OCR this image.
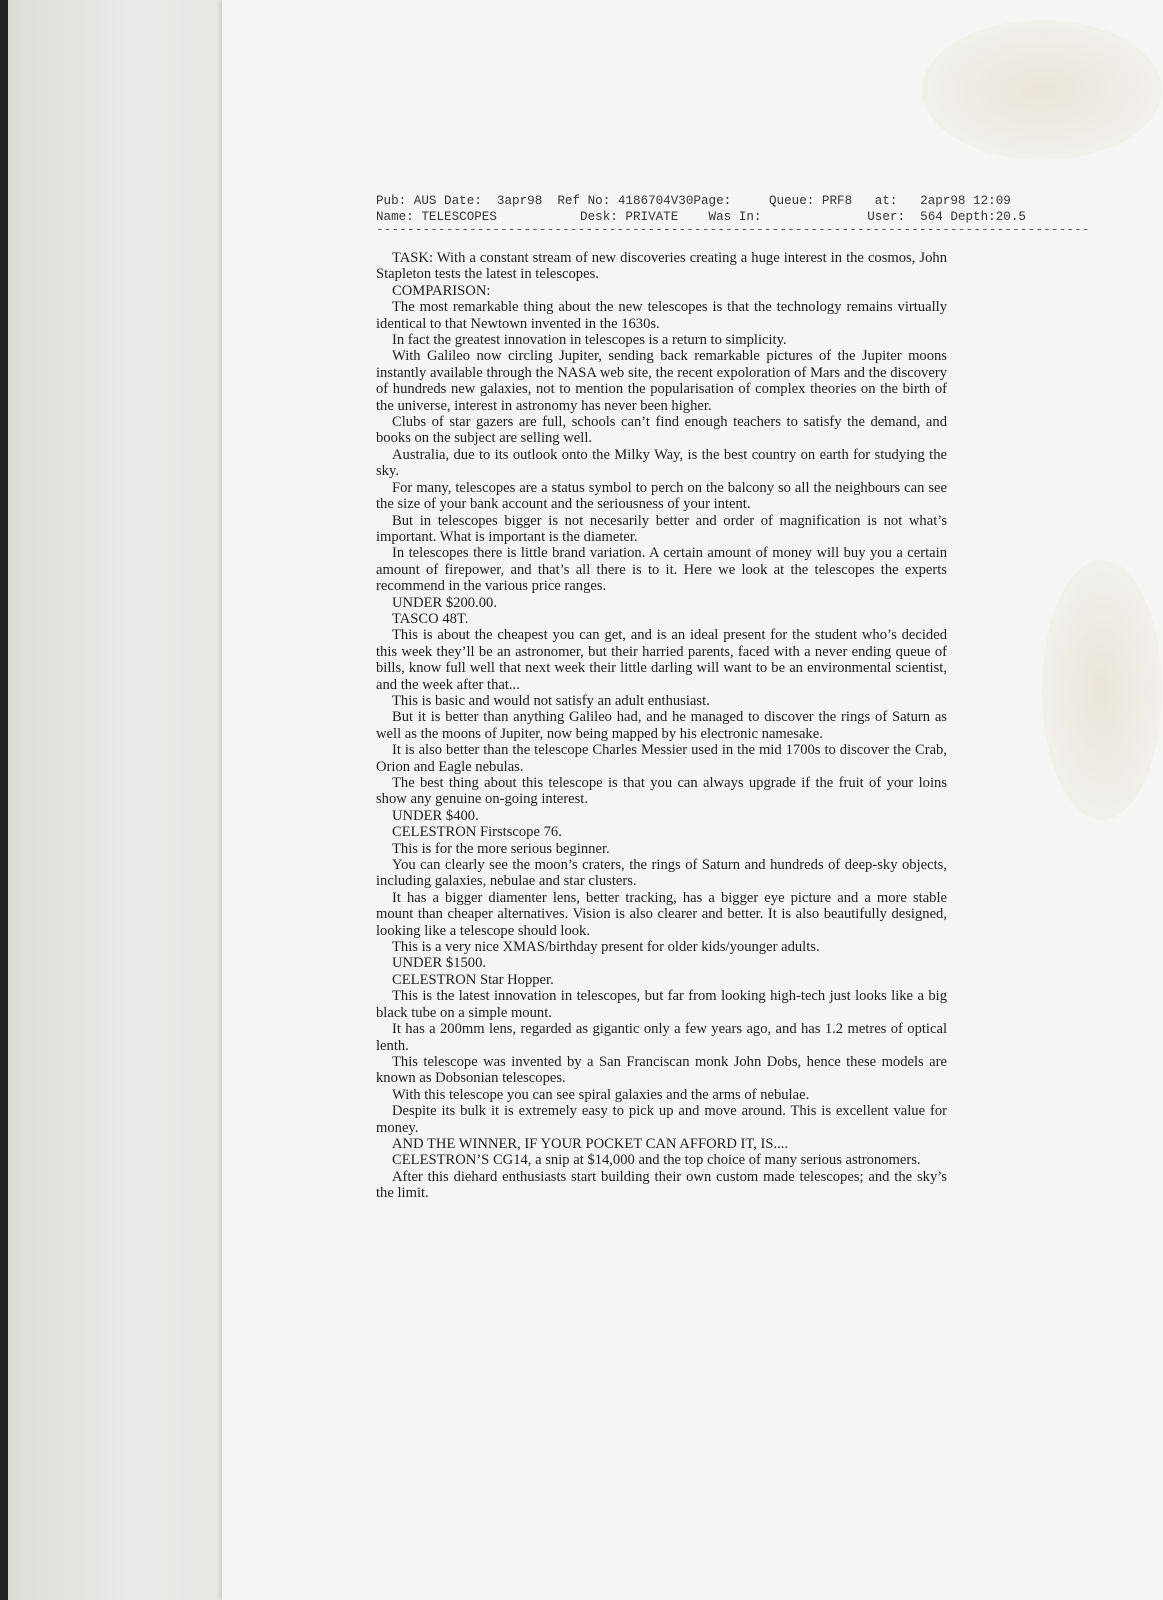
Pub: AUS Date:  3apr98  Ref No: 4186704V30Page:     Queue: PRF8   at:   2apr98 12:09
Name: TELESCOPES           Desk: PRIVATE    Was In:              User:  564 Depth:20.5
--------------------------------------------------------------------------------------------

TASK: With a constant stream of new discoveries creating a huge interest in the cosmos, John Stapleton tests the latest in telescopes.

COMPARISON:

The most remarkable thing about the new telescopes is that the technology remains virtually identical to that Newtown invented in the 1630s.

In fact the greatest innovation in telescopes is a return to simplicity.

With Galileo now circling Jupiter, sending back remarkable pictures of the Jupiter moons instantly available through the NASA web site, the recent expoloration of Mars and the discovery of hundreds new galaxies, not to mention the popularisation of complex theories on the birth of the universe, interest in astronomy has never been higher.

Clubs of star gazers are full, schools can’t find enough teachers to satisfy the demand, and books on the subject are selling well.

Australia, due to its outlook onto the Milky Way, is the best country on earth for studying the sky.

For many, telescopes are a status symbol to perch on the balcony so all the neighbours can see the size of your bank account and the seriousness of your intent.

But in telescopes bigger is not necesarily better and order of magnification is not what’s important. What is important is the diameter.

In telescopes there is little brand variation. A certain amount of money will buy you a certain amount of firepower, and that’s all there is to it. Here we look at the telescopes the experts recommend in the various price ranges.

UNDER $200.00.

TASCO 48T.

This is about the cheapest you can get, and is an ideal present for the student who’s decided this week they’ll be an astronomer, but their harried parents, faced with a never ending queue of bills, know full well that next week their little darling will want to be an environmental scientist, and the week after that...

This is basic and would not satisfy an adult enthusiast.

But it is better than anything Galileo had, and he managed to discover the rings of Saturn as well as the moons of Jupiter, now being mapped by his electronic namesake.

It is also better than the telescope Charles Messier used in the mid 1700s to discover the Crab, Orion and Eagle nebulas.

The best thing about this telescope is that you can always upgrade if the fruit of your loins show any genuine on-going interest.

UNDER $400.

CELESTRON Firstscope 76.

This is for the more serious beginner.

You can clearly see the moon’s craters, the rings of Saturn and hundreds of deep-sky objects, including galaxies, nebulae and star clusters.

It has a bigger diamenter lens, better tracking, has a bigger eye picture and a more stable mount than cheaper alternatives. Vision is also clearer and better. It is also beautifully designed, looking like a telescope should look.

This is a very nice XMAS/birthday present for older kids/younger adults.

UNDER $1500.

CELESTRON Star Hopper.

This is the latest innovation in telescopes, but far from looking high-tech just looks like a big black tube on a simple mount.

It has a 200mm lens, regarded as gigantic only a few years ago, and has 1.2 metres of optical lenth.

This telescope was invented by a San Franciscan monk John Dobs, hence these models are known as Dobsonian telescopes.

With this telescope you can see spiral galaxies and the arms of nebulae.

Despite its bulk it is extremely easy to pick up and move around. This is excellent value for money.

AND THE WINNER, IF YOUR POCKET CAN AFFORD IT, IS....

CELESTRON’S CG14, a snip at $14,000 and the top choice of many serious astronomers.

After this diehard enthusiasts start building their own custom made telescopes; and the sky’s the limit.
